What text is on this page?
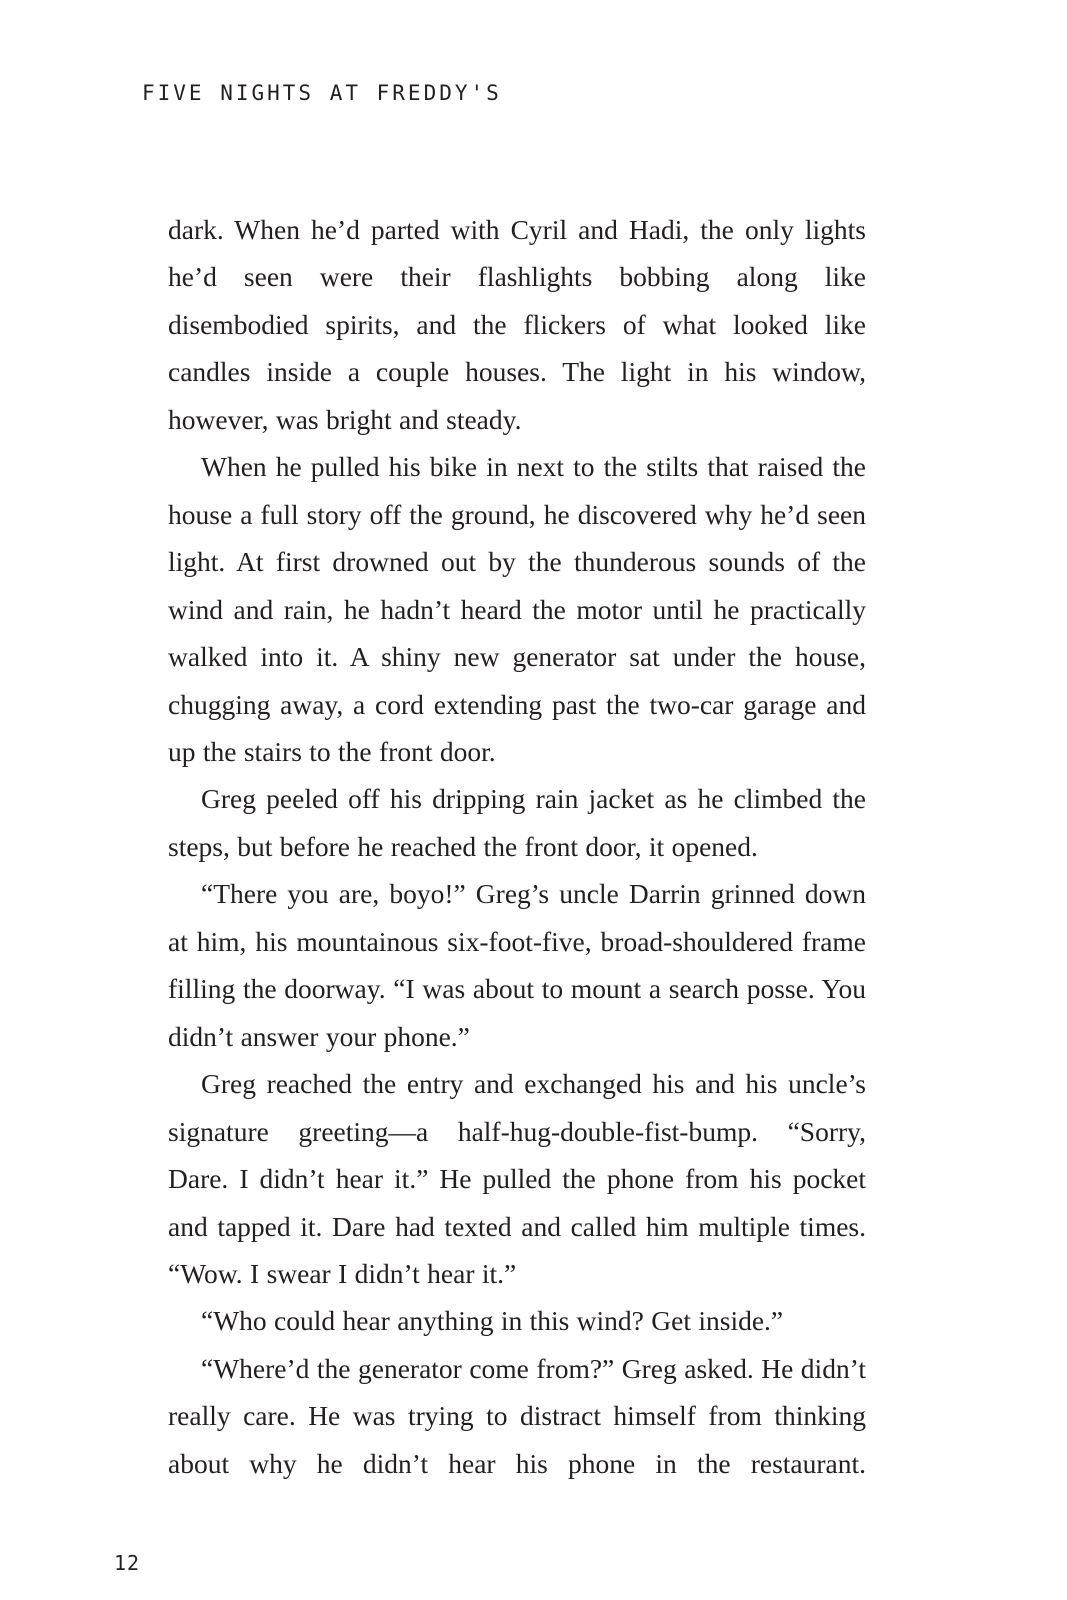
FIVE NIGHTS AT FREDDY'S

dark. When he’d parted with Cyril and Hadi, the only lights he’d seen were their flashlights bobbing along like disembodied spirits, and the flickers of what looked like candles inside a couple houses. The light in his window, however, was bright and steady.

When he pulled his bike in next to the stilts that raised the house a full story off the ground, he discovered why he’d seen light. At first drowned out by the thunderous sounds of the wind and rain, he hadn’t heard the motor until he practically walked into it. A shiny new generator sat under the house, chugging away, a cord extending past the two-car garage and up the stairs to the front door.

Greg peeled off his dripping rain jacket as he climbed the steps, but before he reached the front door, it opened.

“There you are, boyo!” Greg’s uncle Darrin grinned down at him, his mountainous six-foot-five, broad-shouldered frame filling the doorway. “I was about to mount a search posse. You didn’t answer your phone.”

Greg reached the entry and exchanged his and his uncle’s signature greeting—a half-hug-double-fist-bump. “Sorry, Dare. I didn’t hear it.” He pulled the phone from his pocket and tapped it. Dare had texted and called him multiple times. “Wow. I swear I didn’t hear it.”

“Who could hear anything in this wind? Get inside.”

“Where’d the generator come from?” Greg asked. He didn’t really care. He was trying to distract himself from thinking about why he didn’t hear his phone in the restaurant.

12
